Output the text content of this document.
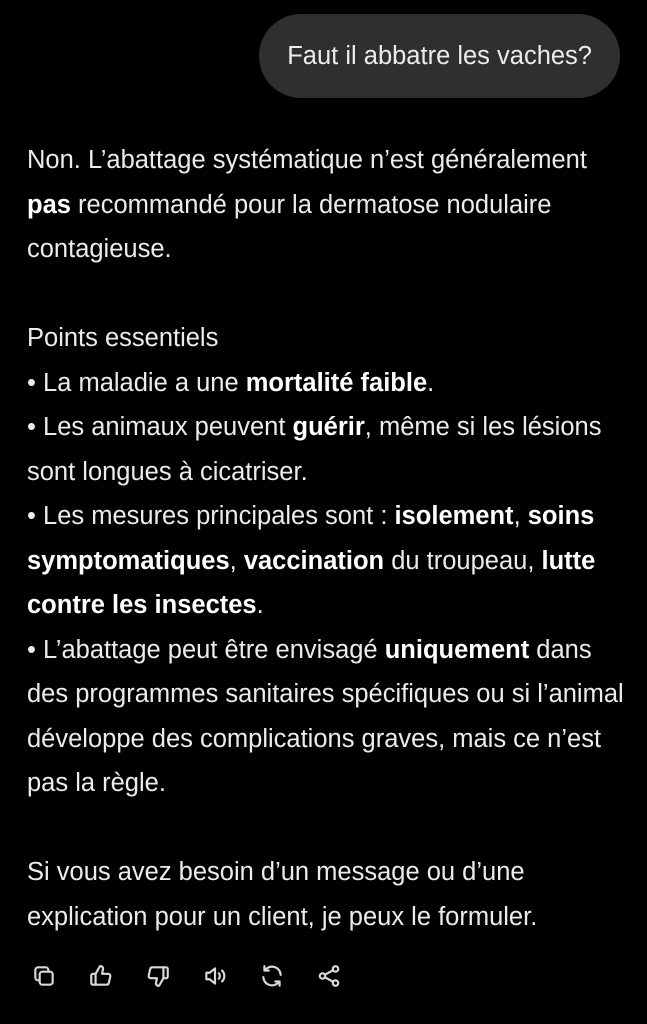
Faut il abbatre les vaches?

Non. L’abattage systématique n’est généralement pas recommandé pour la dermatose nodulaire contagieuse.

Points essentiels

• La maladie a une mortalité faible.

• Les animaux peuvent guérir, même si les lésions sont longues à cicatriser.

• Les mesures principales sont : isolement, soins symptomatiques, vaccination du troupeau, lutte contre les insectes.

• L’abattage peut être envisagé uniquement dans des programmes sanitaires spécifiques ou si l’animal développe des complications graves, mais ce n’est pas la règle.

Si vous avez besoin d’un message ou d’une explication pour un client, je peux le formuler.
